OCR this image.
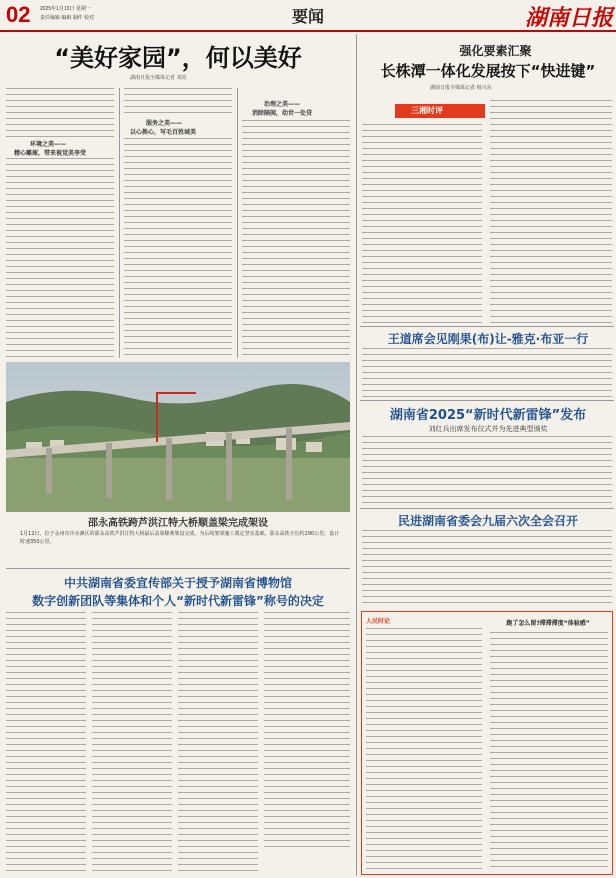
02 2025年1月13日 星期一
责任编辑 编辑 制作 校对	要闻	湖南日报
“美好家园”，何以美好
湖南日报全媒体记者 刘亮
环境之美——
精心雕琢，带来視觉美享受
服务之美——
以心换心，写毛百姓城美
治理之美——
消除隔阂，幼世一处贷
邵永高铁跨芦洪江特大桥顺盖梁完成架设
1月12日，位于永州市冷水滩区的邵永高铁芦洪江特大桥最后盖梁顺利架设完成，为后续架梁施工奠定坚实基础。邵永高铁全长约190公里，设计时速350公里。
中共湖南省委宣传部关于授予湖南省博物馆
数字创新团队等集体和个人“新时代新雷锋”称号的决定
强化要素汇聚
长株潭一体化发展按下“快进键”
湖南日报全媒体记者 杨兴东
三湘时评
王道席会见刚果(布)让-雅克·布亚一行
湖南省2025“新时代新雷锋”发布
刘红兵出席发布仪式并为先进典型颁奖
民进湖南省委会九届六次全会召开
人民时论	跑了怎么留?滞滞滞度“体验感”
